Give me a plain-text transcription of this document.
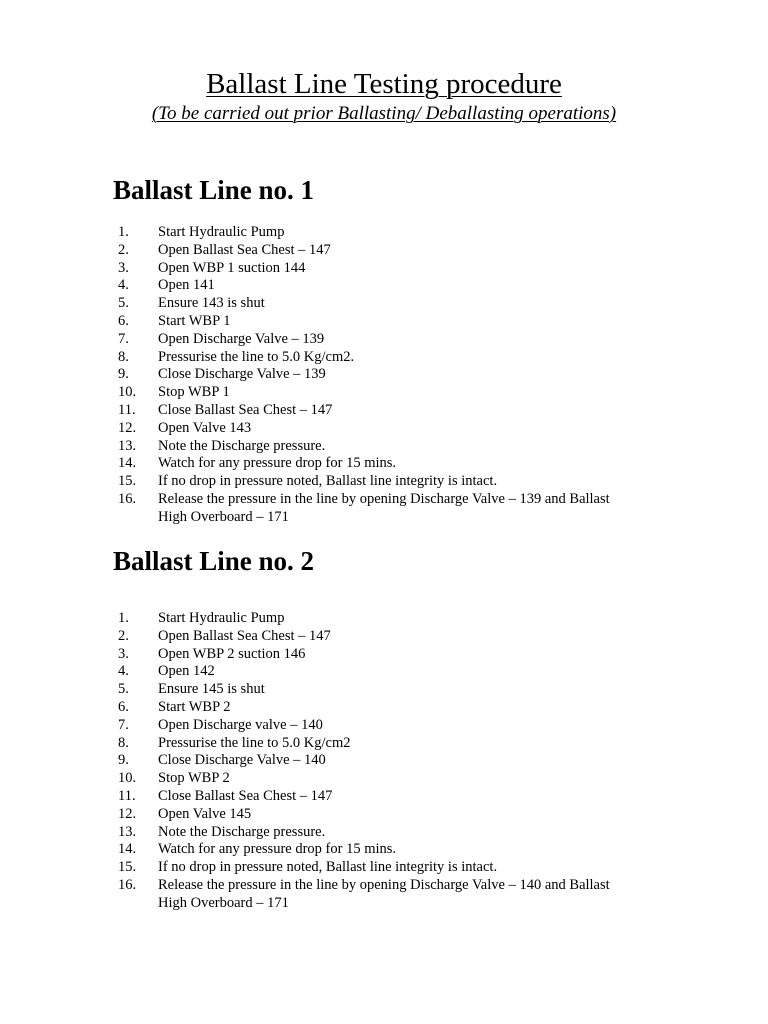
Ballast Line Testing procedure
(To be carried out prior Ballasting/ Deballasting operations)
Ballast Line no. 1
1.	Start Hydraulic Pump
2.	Open Ballast Sea Chest – 147
3.	Open WBP 1 suction 144
4.	Open 141
5.	Ensure 143 is shut
6.	Start WBP 1
7.	Open Discharge Valve – 139
8.	Pressurise the line to 5.0 Kg/cm2.
9.	Close Discharge Valve – 139
10.	Stop WBP 1
11.	Close Ballast Sea Chest – 147
12.	Open Valve 143
13.	Note the Discharge pressure.
14.	Watch for any pressure drop for 15 mins.
15.	If no drop in pressure noted, Ballast line integrity is intact.
16.	Release the pressure in the line by opening Discharge Valve – 139 and Ballast High Overboard – 171
Ballast Line no. 2
1.	Start Hydraulic Pump
2.	Open Ballast Sea Chest – 147
3.	Open WBP 2 suction 146
4.	Open 142
5.	Ensure 145 is shut
6.	Start WBP 2
7.	Open Discharge valve – 140
8.	Pressurise the line to 5.0 Kg/cm2
9.	Close Discharge Valve – 140
10.	Stop WBP 2
11.	Close Ballast Sea Chest – 147
12.	Open Valve 145
13.	Note the Discharge pressure.
14.	Watch for any pressure drop for 15 mins.
15.	If no drop in pressure noted, Ballast line integrity is intact.
16.	Release the pressure in the line by opening Discharge Valve – 140 and Ballast High Overboard – 171
